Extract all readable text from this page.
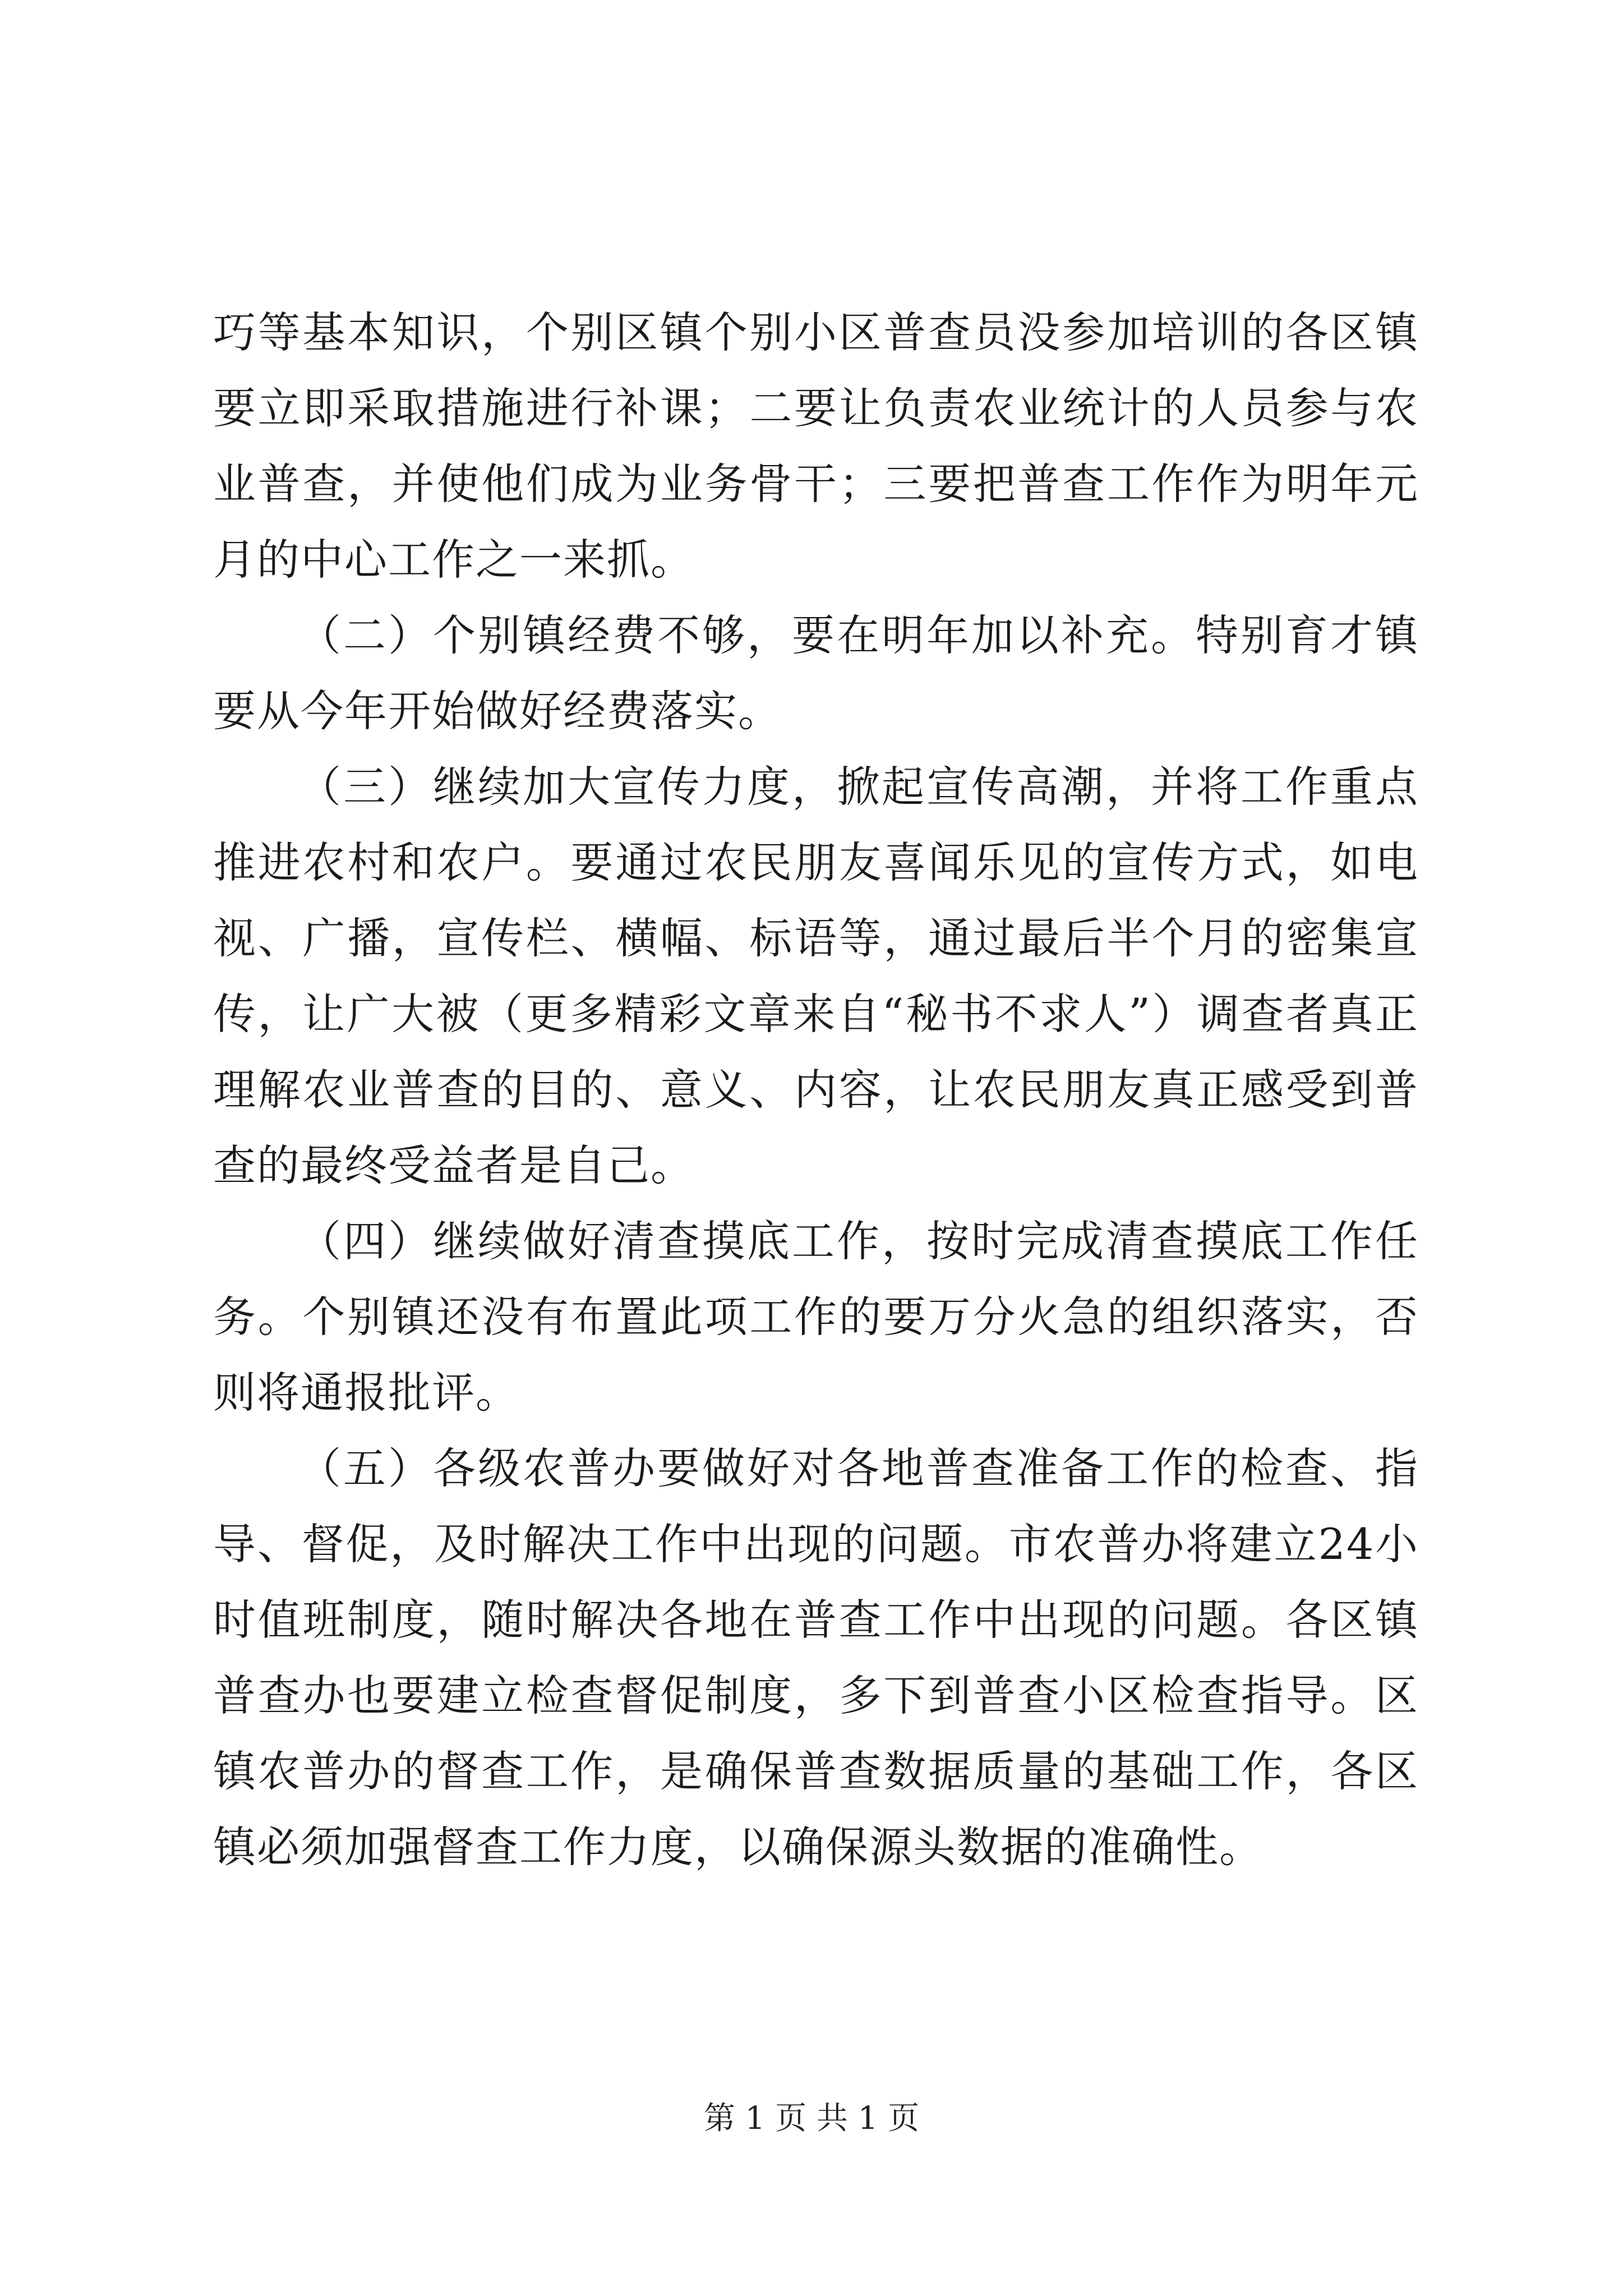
巧等基本知识，个别区镇个别小区普查员没参加培训的各区镇要立即采取措施进行补课；二要让负责农业统计的人员参与农业普查，并使他们成为业务骨干；三要把普查工作作为明年元月的中心工作之一来抓。

（二）个别镇经费不够，要在明年加以补充。特别育才镇要从今年开始做好经费落实。

（三）继续加大宣传力度，掀起宣传高潮，并将工作重点推进农村和农户。要通过农民朋友喜闻乐见的宣传方式，如电视、广播，宣传栏、横幅、标语等，通过最后半个月的密集宣传，让广大被（更多精彩文章来自“秘书不求人”）调查者真正理解农业普查的目的、意义、内容，让农民朋友真正感受到普查的最终受益者是自己。

（四）继续做好清查摸底工作，按时完成清查摸底工作任务。个别镇还没有布置此项工作的要万分火急的组织落实，否则将通报批评。

（五）各级农普办要做好对各地普查准备工作的检查、指导、督促，及时解决工作中出现的问题。市农普办将建立24小时值班制度，随时解决各地在普查工作中出现的问题。各区镇普查办也要建立检查督促制度，多下到普查小区检查指导。区镇农普办的督查工作，是确保普查数据质量的基础工作，各区镇必须加强督查工作力度，以确保源头数据的准确性。

第 1 页 共 1 页
